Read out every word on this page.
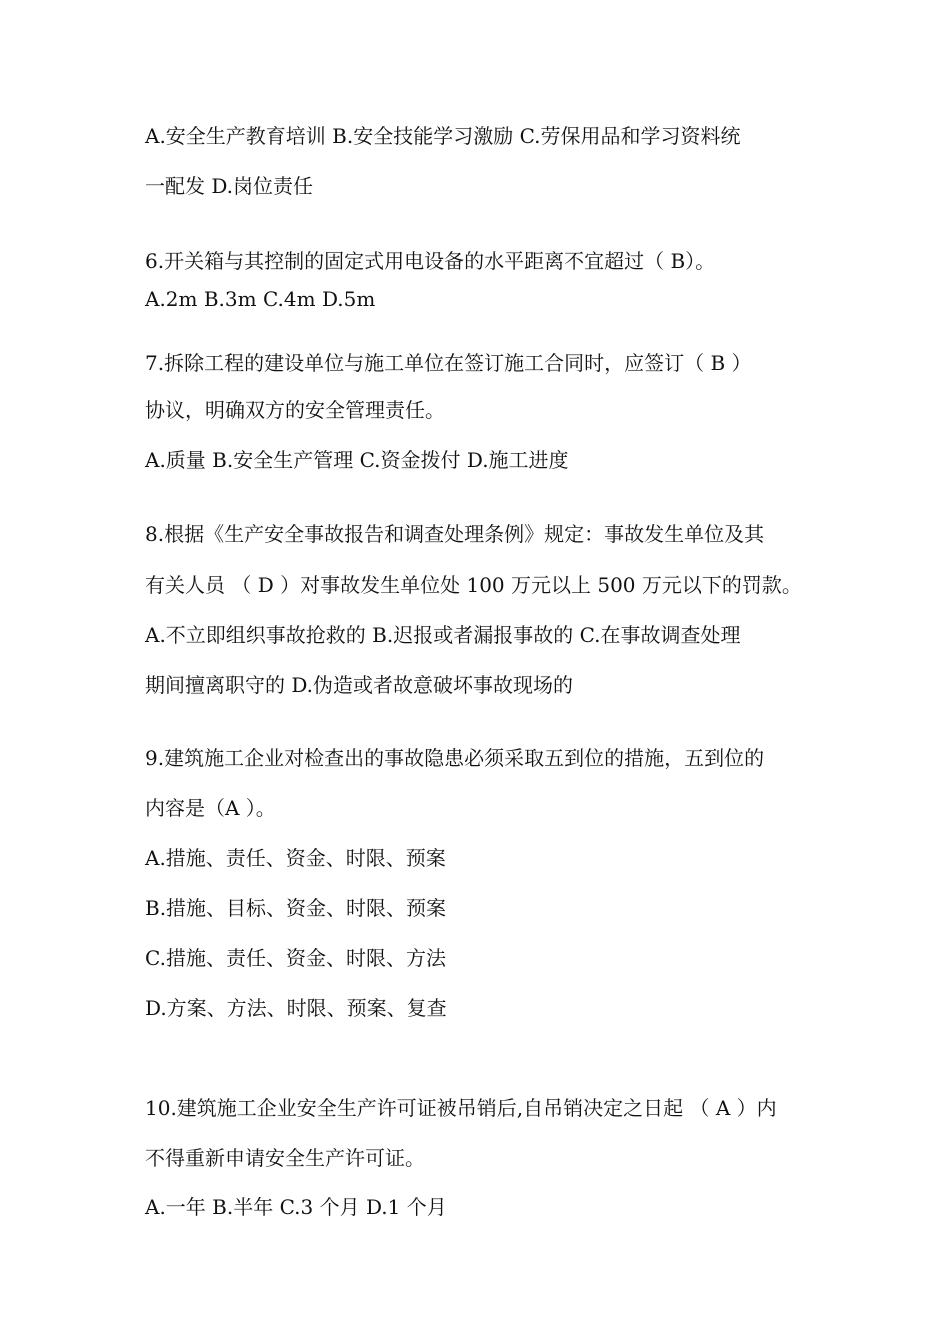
A.安全生产教育培训 B.安全技能学习激励 C.劳保用品和学习资料统
一配发 D.岗位责任
6.开关箱与其控制的固定式用电设备的水平距离不宜超过（ B）。
A.2m B.3m C.4m D.5m
7.拆除工程的建设单位与施工单位在签订施工合同时，应签订（ B ）
协议，明确双方的安全管理责任。
A.质量 B.安全生产管理 C.资金拨付 D.施工进度
8.根据《生产安全事故报告和调查处理条例》规定：事故发生单位及其
有关人员 （ D ）对事故发生单位处 100 万元以上 500 万元以下的罚款。
A.不立即组织事故抢救的 B.迟报或者漏报事故的 C.在事故调查处理
期间擅离职守的 D.伪造或者故意破坏事故现场的
9.建筑施工企业对检查出的事故隐患必须采取五到位的措施，五到位的
内容是（A ）。
A.措施、责任、资金、时限、预案
B.措施、目标、资金、时限、预案
C.措施、责任、资金、时限、方法
D.方案、方法、时限、预案、复查
10.建筑施工企业安全生产许可证被吊销后,自吊销决定之日起 （ A ）内
不得重新申请安全生产许可证。
A.一年 B.半年 C.3 个月 D.1 个月
